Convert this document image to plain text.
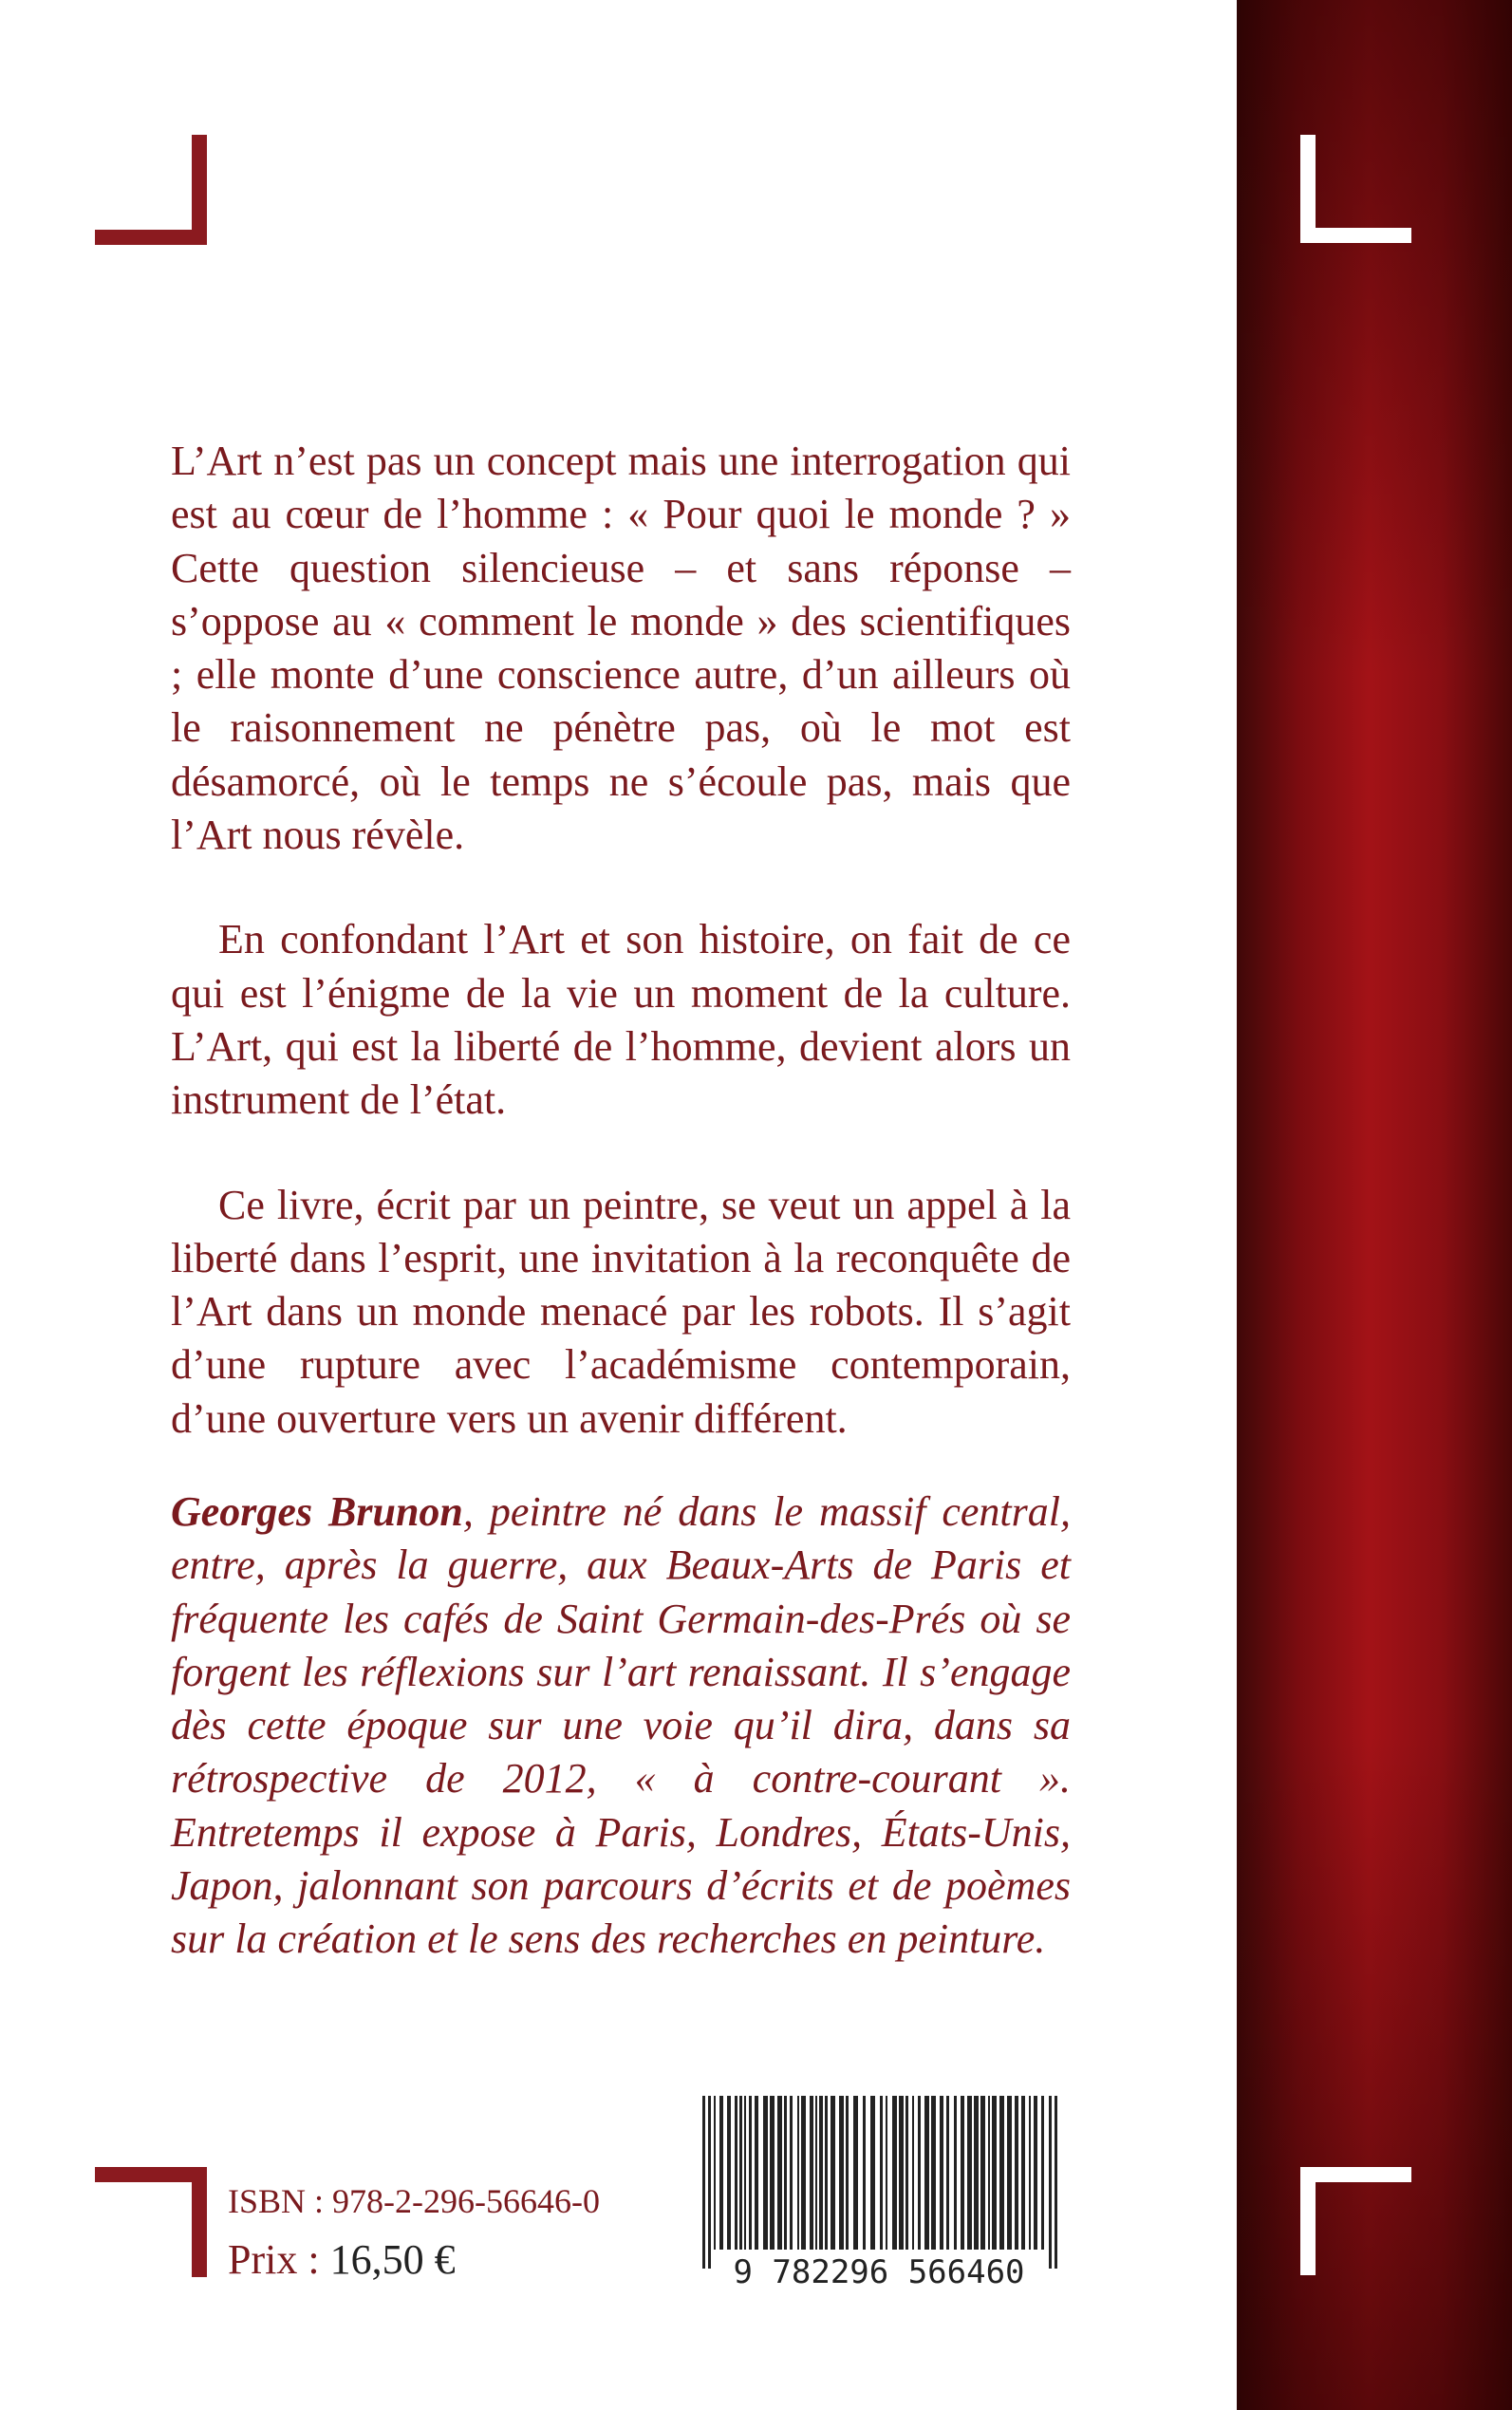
L’Art n’est pas un concept mais une interrogation qui est au cœur de l’homme : « Pour quoi le monde ? » Cette question silencieuse – et sans réponse – s’oppose au « comment le monde » des scientifiques ; elle monte d’une conscience autre, d’un ailleurs où le raisonnement ne pénètre pas, où le mot est désamorcé, où le temps ne s’écoule pas, mais que l’Art nous révèle.

En confondant l’Art et son histoire, on fait de ce qui est l’énigme de la vie un moment de la culture. L’Art, qui est la liberté de l’homme, devient alors un instrument de l’état.

Ce livre, écrit par un peintre, se veut un appel à la liberté dans l’esprit, une invitation à la reconquête de l’Art dans un monde menacé par les robots. Il s’agit d’une rupture avec l’académisme contemporain, d’une ouverture vers un avenir différent.

Georges Brunon, peintre né dans le massif central, entre, après la guerre, aux Beaux-Arts de Paris et fréquente les cafés de Saint Germain-des-Prés où se forgent les réflexions sur l’art renaissant. Il s’engage dès cette époque sur une voie qu’il dira, dans sa rétrospective de 2012, « à contre-courant ». Entretemps il expose à Paris, Londres, États-Unis, Japon, jalonnant son parcours d’écrits et de poèmes sur la création et le sens des recherches en peinture.
ISBN : 978-2-296-56646-0
Prix : 16,50 €	9 782296 566460
